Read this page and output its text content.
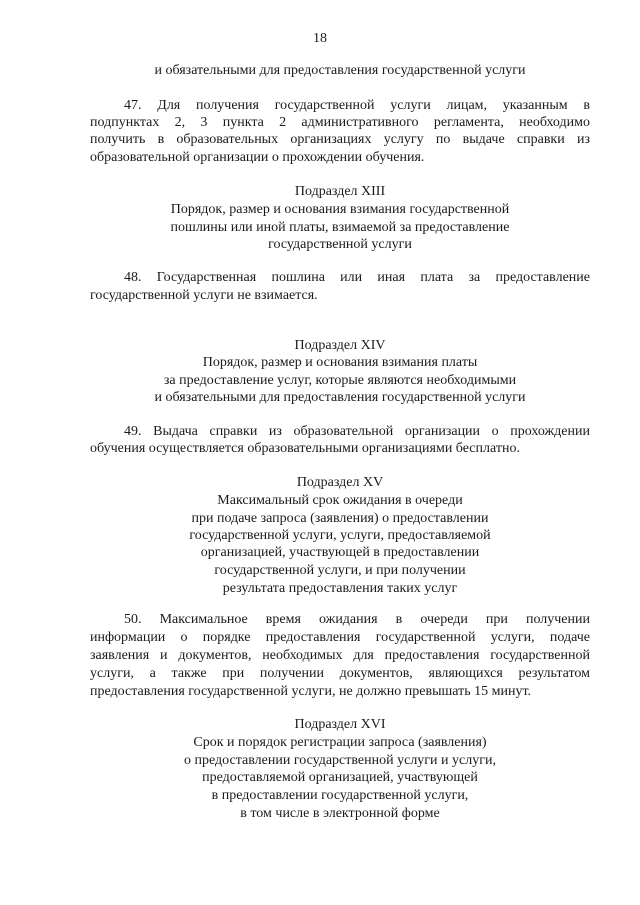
18
и обязательными для предоставления государственной услуги
47. Для получения государственной услуги лицам, указанным в
подпунктах 2, 3 пункта 2 административного регламента, необходимо
получить в образовательных организациях услугу по выдаче справки из
образовательной организации о прохождении обучения.
Подраздел XIII
Порядок, размер и основания взимания государственной
пошлины или иной платы, взимаемой за предоставление
государственной услуги
48. Государственная пошлина или иная плата за предоставление
государственной услуги не взимается.
Подраздел XIV
Порядок, размер и основания взимания платы
за предоставление услуг, которые являются необходимыми
и обязательными для предоставления государственной услуги
49. Выдача справки из образовательной организации о прохождении
обучения осуществляется образовательными организациями бесплатно.
Подраздел XV
Максимальный срок ожидания в очереди
при подаче запроса (заявления) о предоставлении
государственной услуги, услуги, предоставляемой
организацией, участвующей в предоставлении
государственной услуги, и при получении
результата предоставления таких услуг
50. Максимальное время ожидания в очереди при получении
информации о порядке предоставления государственной услуги, подаче
заявления и документов, необходимых для предоставления государственной
услуги, а также при получении документов, являющихся результатом
предоставления государственной услуги, не должно превышать 15 минут.
Подраздел XVI
Срок и порядок регистрации запроса (заявления)
о предоставлении государственной услуги и услуги,
предоставляемой организацией, участвующей
в предоставлении государственной услуги,
в том числе в электронной форме
